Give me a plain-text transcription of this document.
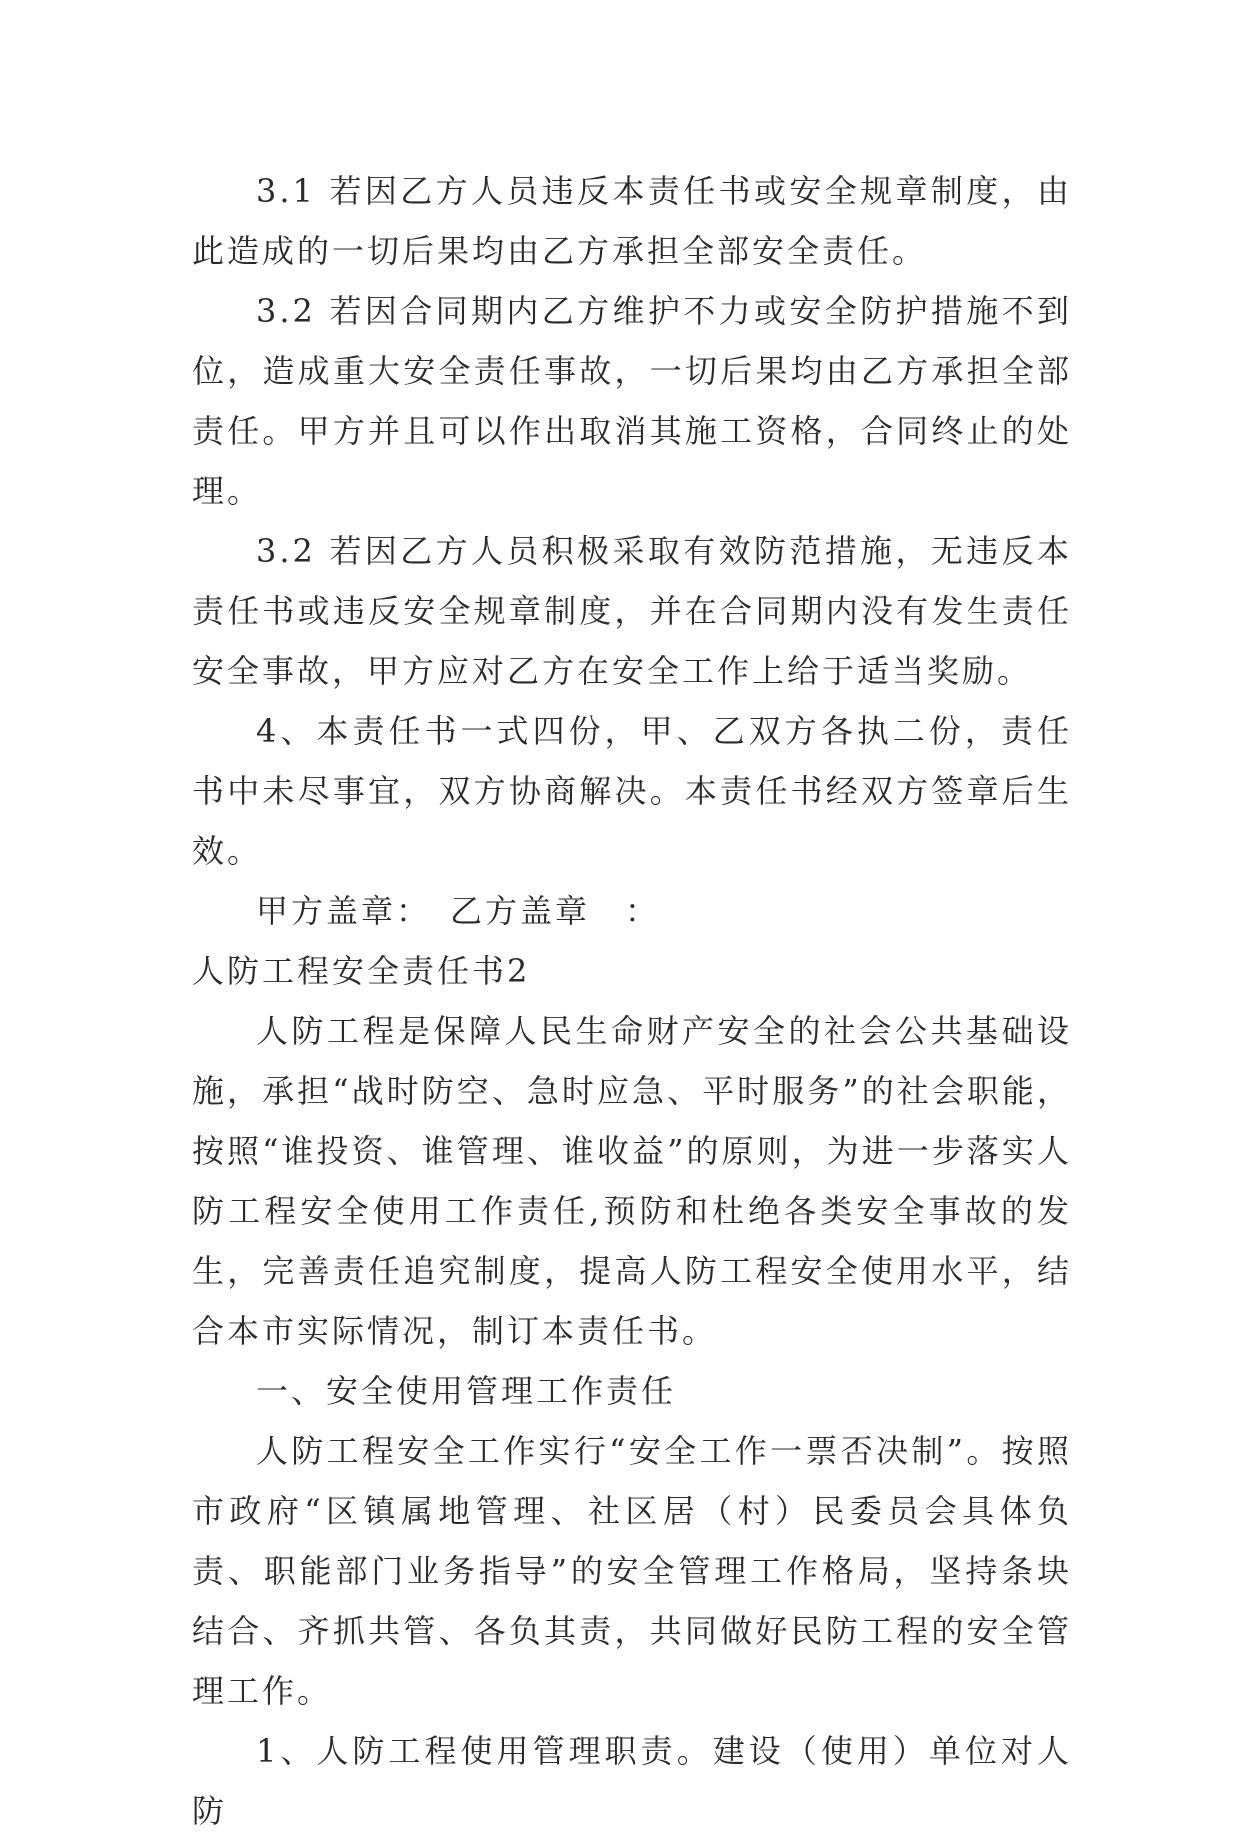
3.1 若因乙方人员违反本责任书或安全规章制度，由此造成的一切后果均由乙方承担全部安全责任。

3.2 若因合同期内乙方维护不力或安全防护措施不到位，造成重大安全责任事故，一切后果均由乙方承担全部责任。甲方并且可以作出取消其施工资格，合同终止的处理。

3.2 若因乙方人员积极采取有效防范措施，无违反本责任书或违反安全规章制度，并在合同期内没有发生责任安全事故，甲方应对乙方在安全工作上给于适当奖励。

4、本责任书一式四份，甲、乙双方各执二份，责任书中未尽事宜，双方协商解决。本责任书经双方签章后生效。

甲方盖章：　乙方盖章　：

人防工程安全责任书2

人防工程是保障人民生命财产安全的社会公共基础设施，承担“战时防空、急时应急、平时服务”的社会职能，按照“谁投资、谁管理、谁收益”的原则，为进一步落实人防工程安全使用工作责任,预防和杜绝各类安全事故的发生，完善责任追究制度，提高人防工程安全使用水平，结合本市实际情况，制订本责任书。

一、安全使用管理工作责任

人防工程安全工作实行“安全工作一票否决制”。按照市政府“区镇属地管理、社区居（村）民委员会具体负责、职能部门业务指导”的安全管理工作格局，坚持条块结合、齐抓共管、各负其责，共同做好民防工程的安全管理工作。

1、人防工程使用管理职责。建设（使用）单位对人防
